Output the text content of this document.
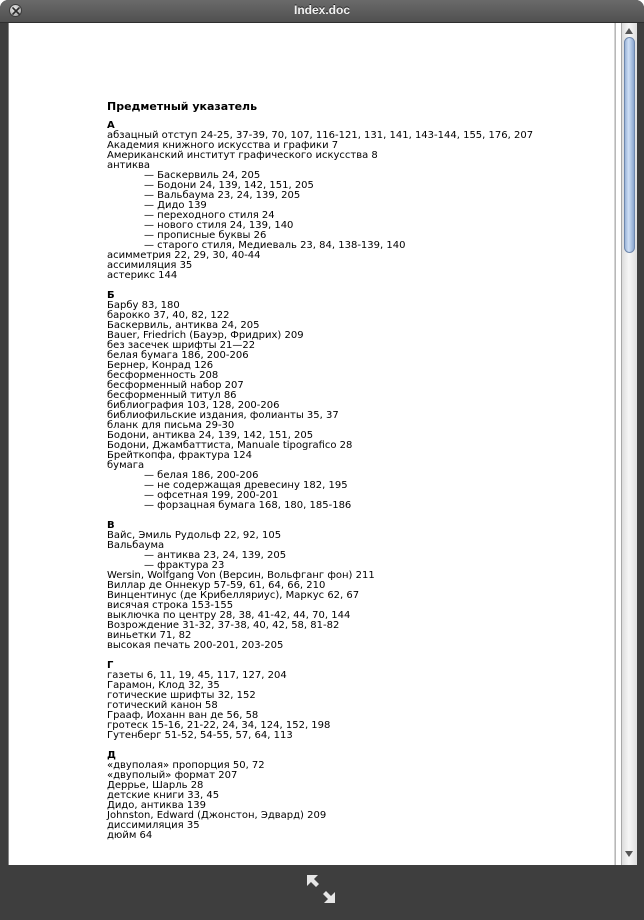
Index.doc
Предметный указатель
А
абзацный отступ 24-25, 37-39, 70, 107, 116-121, 131, 141, 143-144, 155, 176, 207
Академия книжного искусства и графики 7
Американский институт графического искусства 8
антиква
— Баскервиль 24, 205
— Бодони 24, 139, 142, 151, 205
— Вальбаума 23, 24, 139, 205
— Дидо 139
— переходного стиля 24
— нового стиля 24, 139, 140
— прописные буквы 26
— старого стиля, Медиеваль 23, 84, 138-139, 140
асимметрия 22, 29, 30, 40-44
ассимиляция 35
астерикс 144
Б
Барбу 83, 180
барокко 37, 40, 82, 122
Баскервиль, антиква 24, 205
Bauer, Friedrich (Бауэр, Фридрих) 209
без засечек шрифты 21—22
белая бумага 186, 200-206
Бернер, Конрад 126
бесформенность 208
бесформенный набор 207
бесформенный титул 86
библиография 103, 128, 200-206
библиофильские издания, фолианты 35, 37
бланк для письма 29-30
Бодони, антиква 24, 139, 142, 151, 205
Бодони, Джамбаттиста, Manuale tipografico 28
Брейткопфа, фрактура 124
бумага
— белая 186, 200-206
— не содержащая древесину 182, 195
— офсетная 199, 200-201
— форзацная бумага 168, 180, 185-186
В
Вайс, Эмиль Рудольф 22, 92, 105
Вальбаума
— антиква 23, 24, 139, 205
— фрактура 23
Wersin, Wolfgang Von (Версин, Вольфганг фон) 211
Виллар де Оннекур 57-59, 61, 64, 66, 210
Винцентинус (де Крибелляриус), Маркус 62, 67
висячая строка 153-155
выключка по центру 28, 38, 41-42, 44, 70, 144
Возрождение 31-32, 37-38, 40, 42, 58, 81-82
виньетки 71, 82
высокая печать 200-201, 203-205
Г
газеты 6, 11, 19, 45, 117, 127, 204
Гарамон, Клод 32, 35
готические шрифты 32, 152
готический канон 58
Грааф, Иоханн ван де 56, 58
гротеск 15-16, 21-22, 24, 34, 124, 152, 198
Гутенберг 51-52, 54-55, 57, 64, 113
Д
«двуполая» пропорция 50, 72
«двуполый» формат 207
Деррье, Шарль 28
детские книги 33, 45
Дидо, антиква 139
Johnston, Edward (Джонстон, Эдвард) 209
диссимиляция 35
дюйм 64
